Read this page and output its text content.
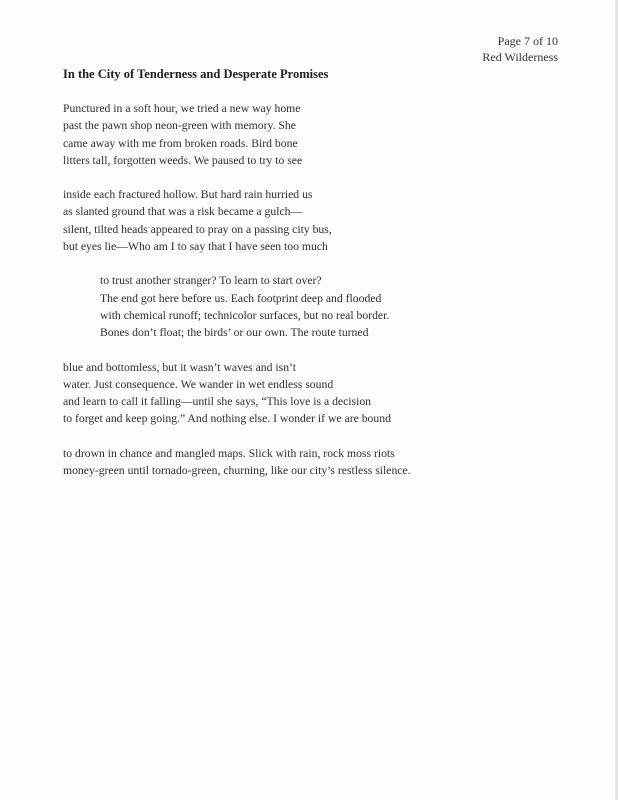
Page 7 of 10
Red Wilderness
In the City of Tenderness and Desperate Promises
Punctured in a soft hour, we tried a new way home
past the pawn shop neon-green with memory. She
came away with me from broken roads. Bird bone
litters tall, forgotten weeds. We paused to try to see
inside each fractured hollow. But hard rain hurried us
as slanted ground that was a risk became a gulch—
silent, tilted heads appeared to pray on a passing city bus,
but eyes lie—Who am I to say that I have seen too much
to trust another stranger? To learn to start over?
The end got here before us. Each footprint deep and flooded
with chemical runoff; technicolor surfaces, but no real border.
Bones don’t float; the birds’ or our own. The route turned
blue and bottomless, but it wasn’t waves and isn’t
water. Just consequence. We wander in wet endless sound
and learn to call it falling—until she says, “This love is a decision
to forget and keep going.” And nothing else. I wonder if we are bound
to drown in chance and mangled maps. Slick with rain, rock moss riots
money-green until tornado-green, churning, like our city’s restless silence.
